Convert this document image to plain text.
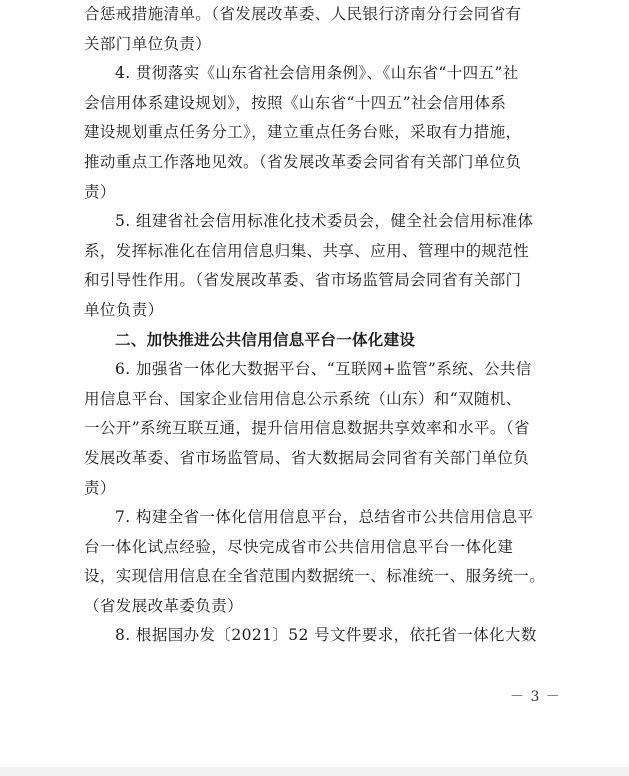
合惩戒措施清单。（省发展改革委、人民银行济南分行会同省有
关部门单位负责）
4. 贯彻落实《山东省社会信用条例》、《山东省“十四五”社
会信用体系建设规划》，按照《山东省“十四五”社会信用体系
建设规划重点任务分工》，建立重点任务台账，采取有力措施，
推动重点工作落地见效。（省发展改革委会同省有关部门单位负
责）
5. 组建省社会信用标准化技术委员会，健全社会信用标准体
系，发挥标准化在信用信息归集、共享、应用、管理中的规范性
和引导性作用。（省发展改革委、省市场监管局会同省有关部门
单位负责）
二、加快推进公共信用信息平台一体化建设
6. 加强省一体化大数据平台、“互联网+监管”系统、公共信
用信息平台、国家企业信用信息公示系统（山东）和“双随机、
一公开”系统互联互通，提升信用信息数据共享效率和水平。（省
发展改革委、省市场监管局、省大数据局会同省有关部门单位负
责）
7. 构建全省一体化信用信息平台，总结省市公共信用信息平
台一体化试点经验，尽快完成省市公共信用信息平台一体化建
设，实现信用信息在全省范围内数据统一、标准统一、服务统一。
（省发展改革委负责）
8. 根据国办发〔2021〕52 号文件要求，依托省一体化大数
－ 3 －
